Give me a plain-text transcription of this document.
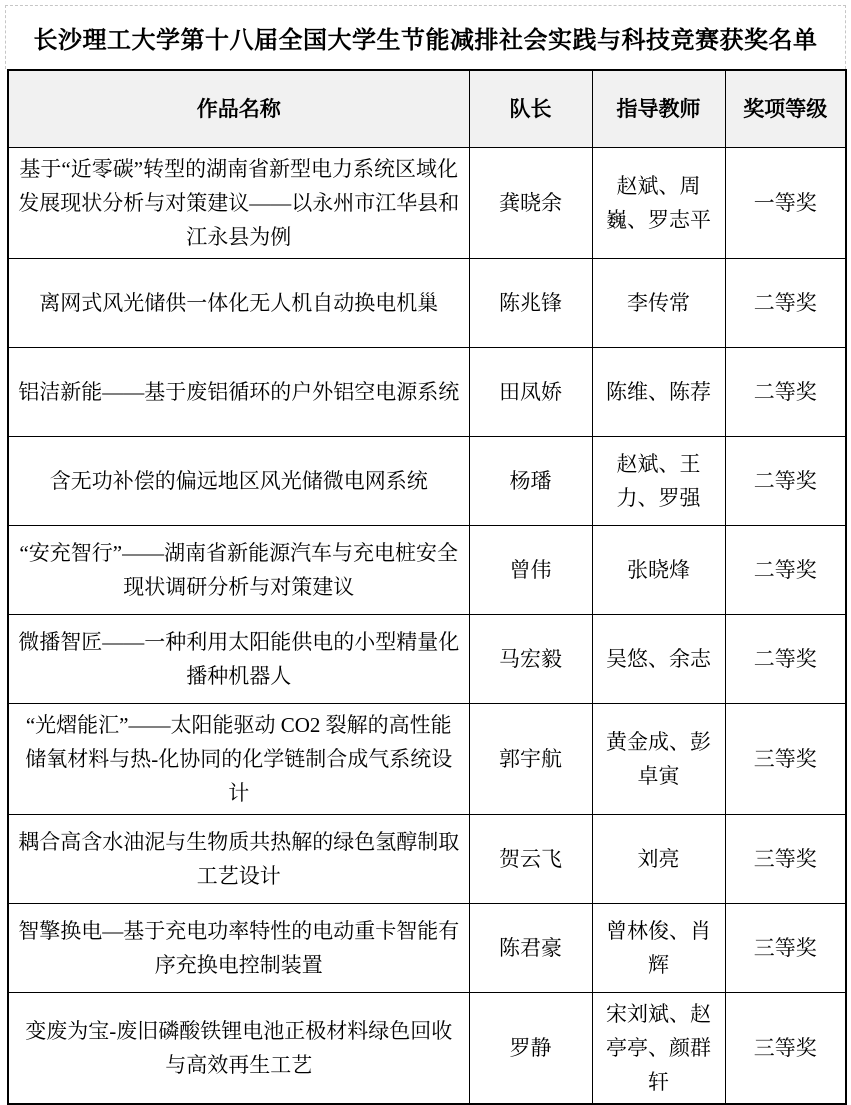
长沙理工大学第十八届全国大学生节能减排社会实践与科技竞赛获奖名单
作品名称	队长	指导教师	奖项等级
基于“近零碳”转型的湖南省新型电力系统区域化发展现状分析与对策建议——以永州市江华县和江永县为例	龚晓余	赵斌、周巍、罗志平	一等奖
离网式风光储供一体化无人机自动换电机巢	陈兆锋	李传常	二等奖
铝洁新能——基于废铝循环的户外铝空电源系统	田凤娇	陈维、陈荐	二等奖
含无功补偿的偏远地区风光储微电网系统	杨璠	赵斌、王力、罗强	二等奖
“安充智行”——湖南省新能源汽车与充电桩安全现状调研分析与对策建议	曾伟	张晓烽	二等奖
微播智匠——一种利用太阳能供电的小型精量化播种机器人	马宏毅	吴悠、余志	二等奖
“光熠能汇”——太阳能驱动 CO2 裂解的高性能储氧材料与热-化协同的化学链制合成气系统设计	郭宇航	黄金成、彭卓寅	三等奖
耦合高含水油泥与生物质共热解的绿色氢醇制取工艺设计	贺云飞	刘亮	三等奖
智擎换电—基于充电功率特性的电动重卡智能有序充换电控制装置	陈君豪	曾林俊、肖辉	三等奖
变废为宝-废旧磷酸铁锂电池正极材料绿色回收与高效再生工艺	罗静	宋刘斌、赵亭亭、颜群轩	三等奖
